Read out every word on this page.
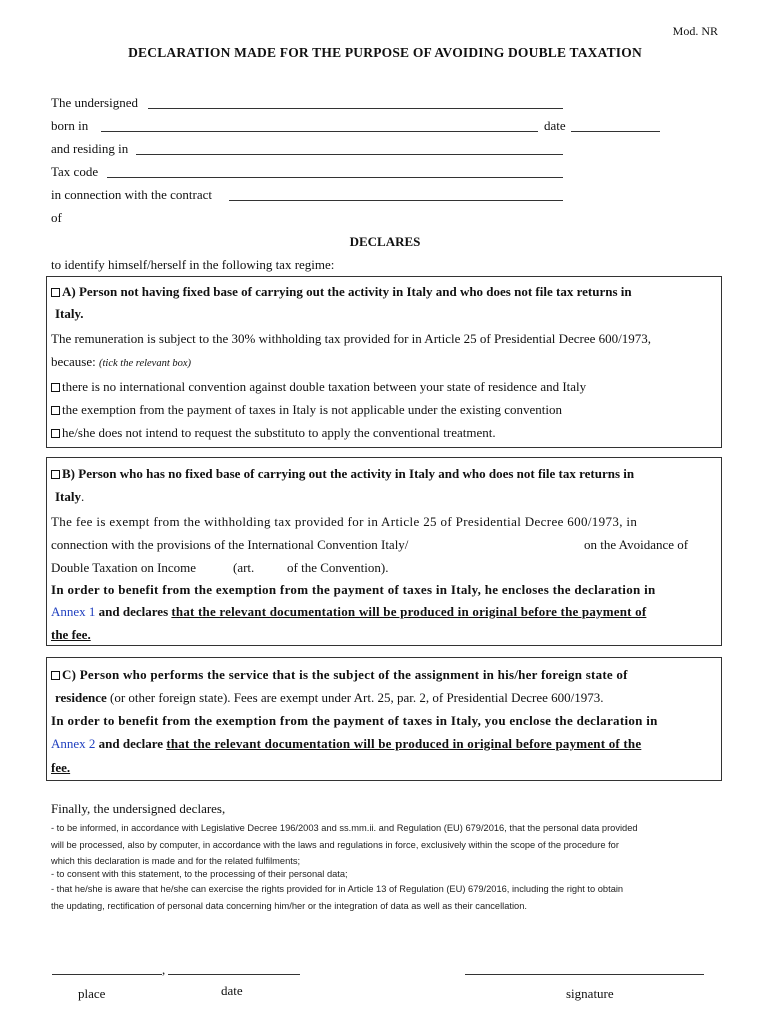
Mod. NR
DECLARATION MADE FOR THE PURPOSE OF AVOIDING DOUBLE TAXATION
The undersigned
born in	date
and residing in
Tax code
in connection with the contract
of
DECLARES
to identify himself/herself in the following tax regime:
A) Person not having fixed base of carrying out the activity in Italy and who does not file tax returns in
Italy.
The remuneration is subject to the 30% withholding tax provided for in Article 25 of Presidential Decree 600/1973,
because: (tick the relevant box)
there is no international convention against double taxation between your state of residence and Italy
the exemption from the payment of taxes in Italy is not applicable under the existing convention
he/she does not intend to request the substituto to apply the conventional treatment.
B) Person who has no fixed base of carrying out the activity in Italy and who does not file tax returns in
Italy.
The fee is exempt from the withholding tax provided for in Article 25 of Presidential Decree 600/1973, in
connection with the provisions of the International Convention Italy/	on the Avoidance of
Double Taxation on Income	(art.	of the Convention).
In order to benefit from the exemption from the payment of taxes in Italy, he encloses the declaration in
Annex 1 and declares that the relevant documentation will be produced in original before the payment of
the fee.
C) Person who performs the service that is the subject of the assignment in his/her foreign state of
residence (or other foreign state). Fees are exempt under Art. 25, par. 2, of Presidential Decree 600/1973.
In order to benefit from the exemption from the payment of taxes in Italy, you enclose the declaration in
Annex 2 and declare that the relevant documentation will be produced in original before payment of the
fee.
Finally, the undersigned declares,
- to be informed, in accordance with Legislative Decree 196/2003 and ss.mm.ii. and Regulation (EU) 679/2016, that the personal data provided
will be processed, also by computer, in accordance with the laws and regulations in force, exclusively within the scope of the procedure for
which this declaration is made and for the related fulfilments;
- to consent with this statement, to the processing of their personal data;
- that he/she is aware that he/she can exercise the rights provided for in Article 13 of Regulation (EU) 679/2016, including the right to obtain
the updating, rectification of personal data concerning him/her or the integration of data as well as their cancellation.
,
place	date	signature
